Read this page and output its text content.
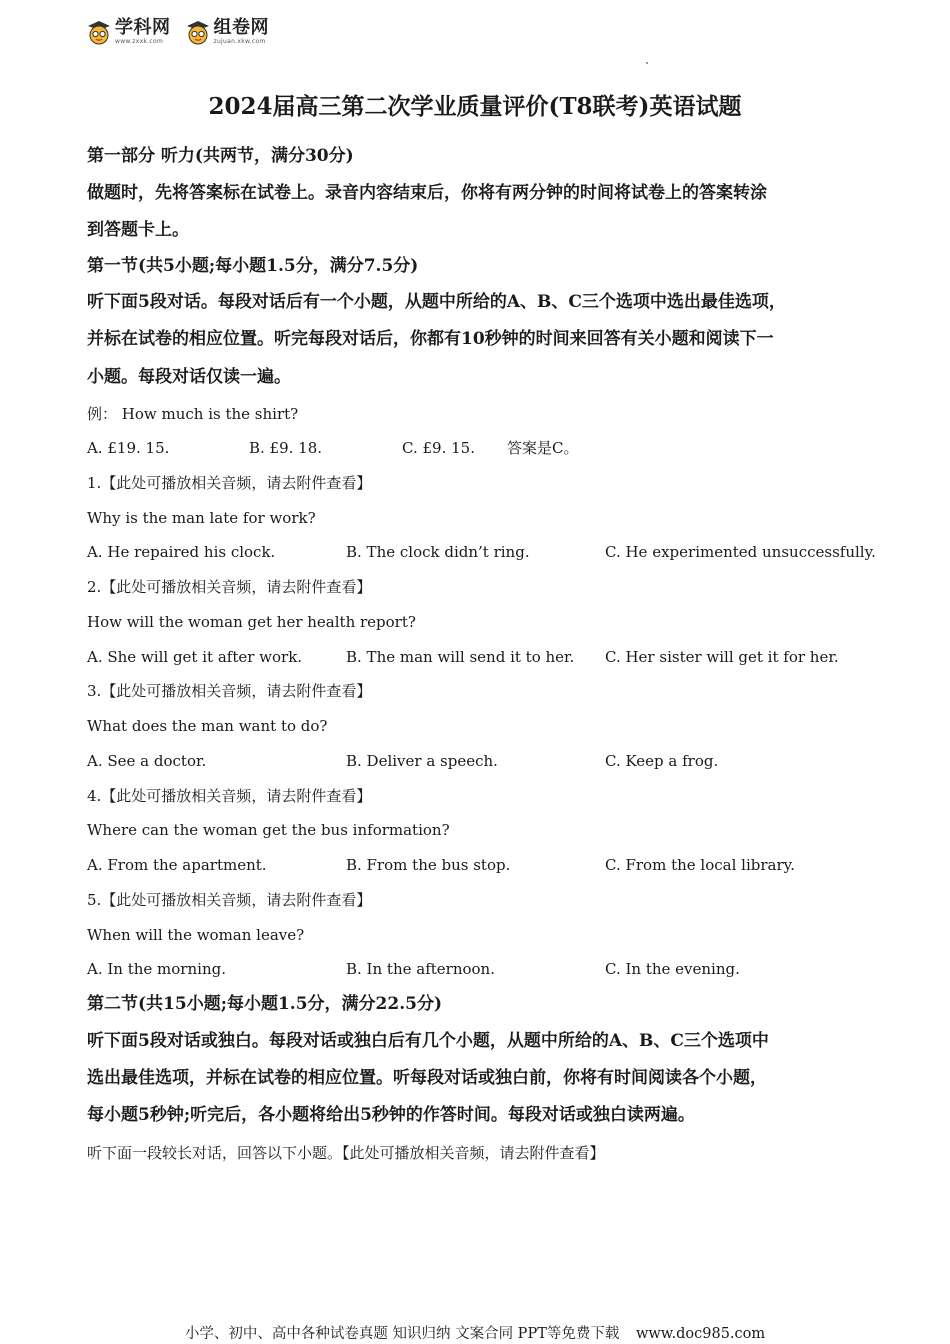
学科网
www.zxxk.com
组卷网
zujuan.xkw.com
2024届高三第二次学业质量评价(T8联考)英语试题
第一部分 听力(共两节，满分30分)
做题时，先将答案标在试卷上。录音内容结束后，你将有两分钟的时间将试卷上的答案转涂
到答题卡上。
第一节(共5小题;每小题1.5分，满分7.5分)
听下面5段对话。每段对话后有一个小题，从题中所给的A、B、C三个选项中选出最佳选项，
并标在试卷的相应位置。听完每段对话后，你都有10秒钟的时间来回答有关小题和阅读下一
小题。每段对话仅读一遍。
例： How much is the shirt?
A. £19. 15.	B. £9. 18.	C. £9. 15. 答案是C。
1.【此处可播放相关音频，请去附件查看】
Why is the man late for work?
A. He repaired his clock.	B. The clock didn’t ring.	C. He experimented unsuccessfully.
2.【此处可播放相关音频，请去附件查看】
How will the woman get her health report?
A. She will get it after work.	B. The man will send it to her. C. Her sister will get it for her.
3.【此处可播放相关音频，请去附件查看】
What does the man want to do?
A. See a doctor.	B. Deliver a speech.	C. Keep a frog.
4.【此处可播放相关音频，请去附件查看】
Where can the woman get the bus information?
A. From the apartment.	B. From the bus stop.	C. From the local library.
5.【此处可播放相关音频，请去附件查看】
When will the woman leave?
A. In the morning.	B. In the afternoon.	C. In the evening.
第二节(共15小题;每小题1.5分，满分22.5分)
听下面5段对话或独白。每段对话或独白后有几个小题，从题中所给的A、B、C三个选项中
选出最佳选项，并标在试卷的相应位置。听每段对话或独白前，你将有时间阅读各个小题，
每小题5秒钟;听完后，各小题将给出5秒钟的作答时间。每段对话或独白读两遍。
听下面一段较长对话，回答以下小题。【此处可播放相关音频，请去附件查看】
小学、初中、高中各种试卷真题 知识归纳 文案合同 PPT等免费下载 www.doc985.com
